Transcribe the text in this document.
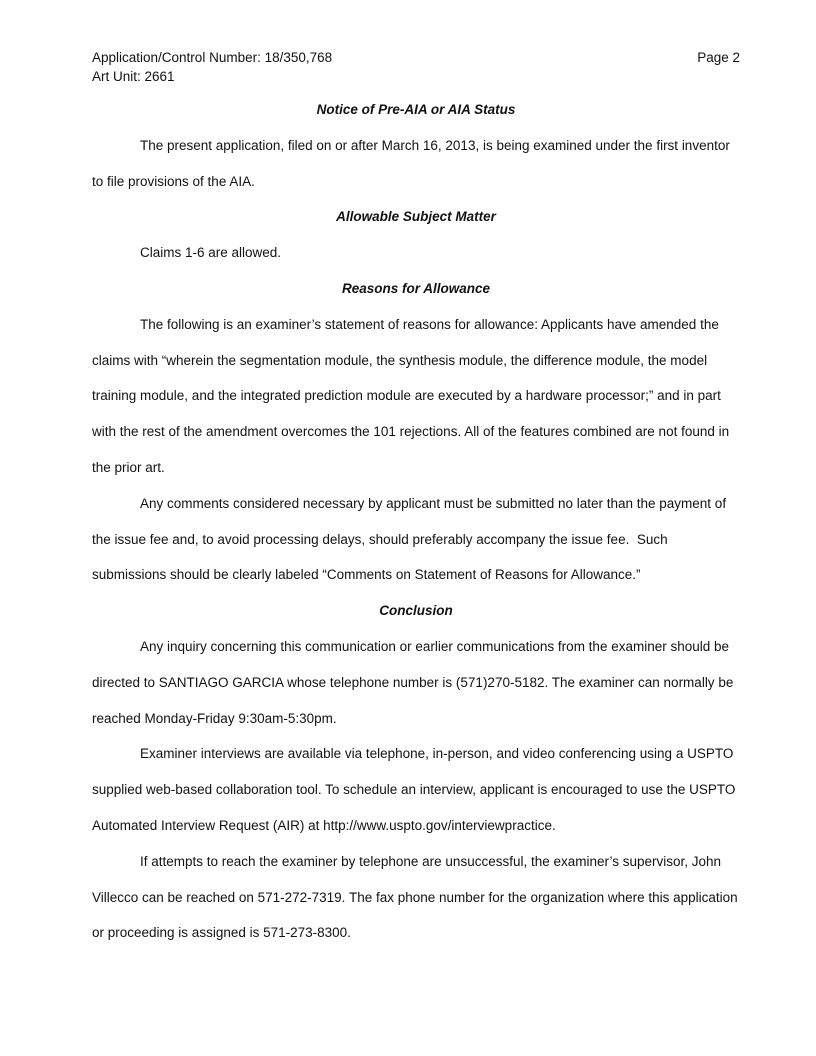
Application/Control Number: 18/350,768	Page 2
Art Unit: 2661

Notice of Pre-AIA or AIA Status

The present application, filed on or after March 16, 2013, is being examined under the first inventor to file provisions of the AIA.

Allowable Subject Matter

Claims 1-6 are allowed.

Reasons for Allowance

The following is an examiner’s statement of reasons for allowance: Applicants have amended the claims with “wherein the segmentation module, the synthesis module, the difference module, the model training module, and the integrated prediction module are executed by a hardware processor;” and in part with the rest of the amendment overcomes the 101 rejections. All of the features combined are not found in the prior art.

Any comments considered necessary by applicant must be submitted no later than the payment of the issue fee and, to avoid processing delays, should preferably accompany the issue fee.  Such submissions should be clearly labeled “Comments on Statement of Reasons for Allowance.”

Conclusion

Any inquiry concerning this communication or earlier communications from the examiner should be directed to SANTIAGO GARCIA whose telephone number is (571)270-5182. The examiner can normally be reached Monday-Friday 9:30am-5:30pm.

Examiner interviews are available via telephone, in-person, and video conferencing using a USPTO supplied web-based collaboration tool. To schedule an interview, applicant is encouraged to use the USPTO Automated Interview Request (AIR) at http://www.uspto.gov/interviewpractice.

If attempts to reach the examiner by telephone are unsuccessful, the examiner’s supervisor, John Villecco can be reached on 571-272-7319. The fax phone number for the organization where this application or proceeding is assigned is 571-273-8300.
